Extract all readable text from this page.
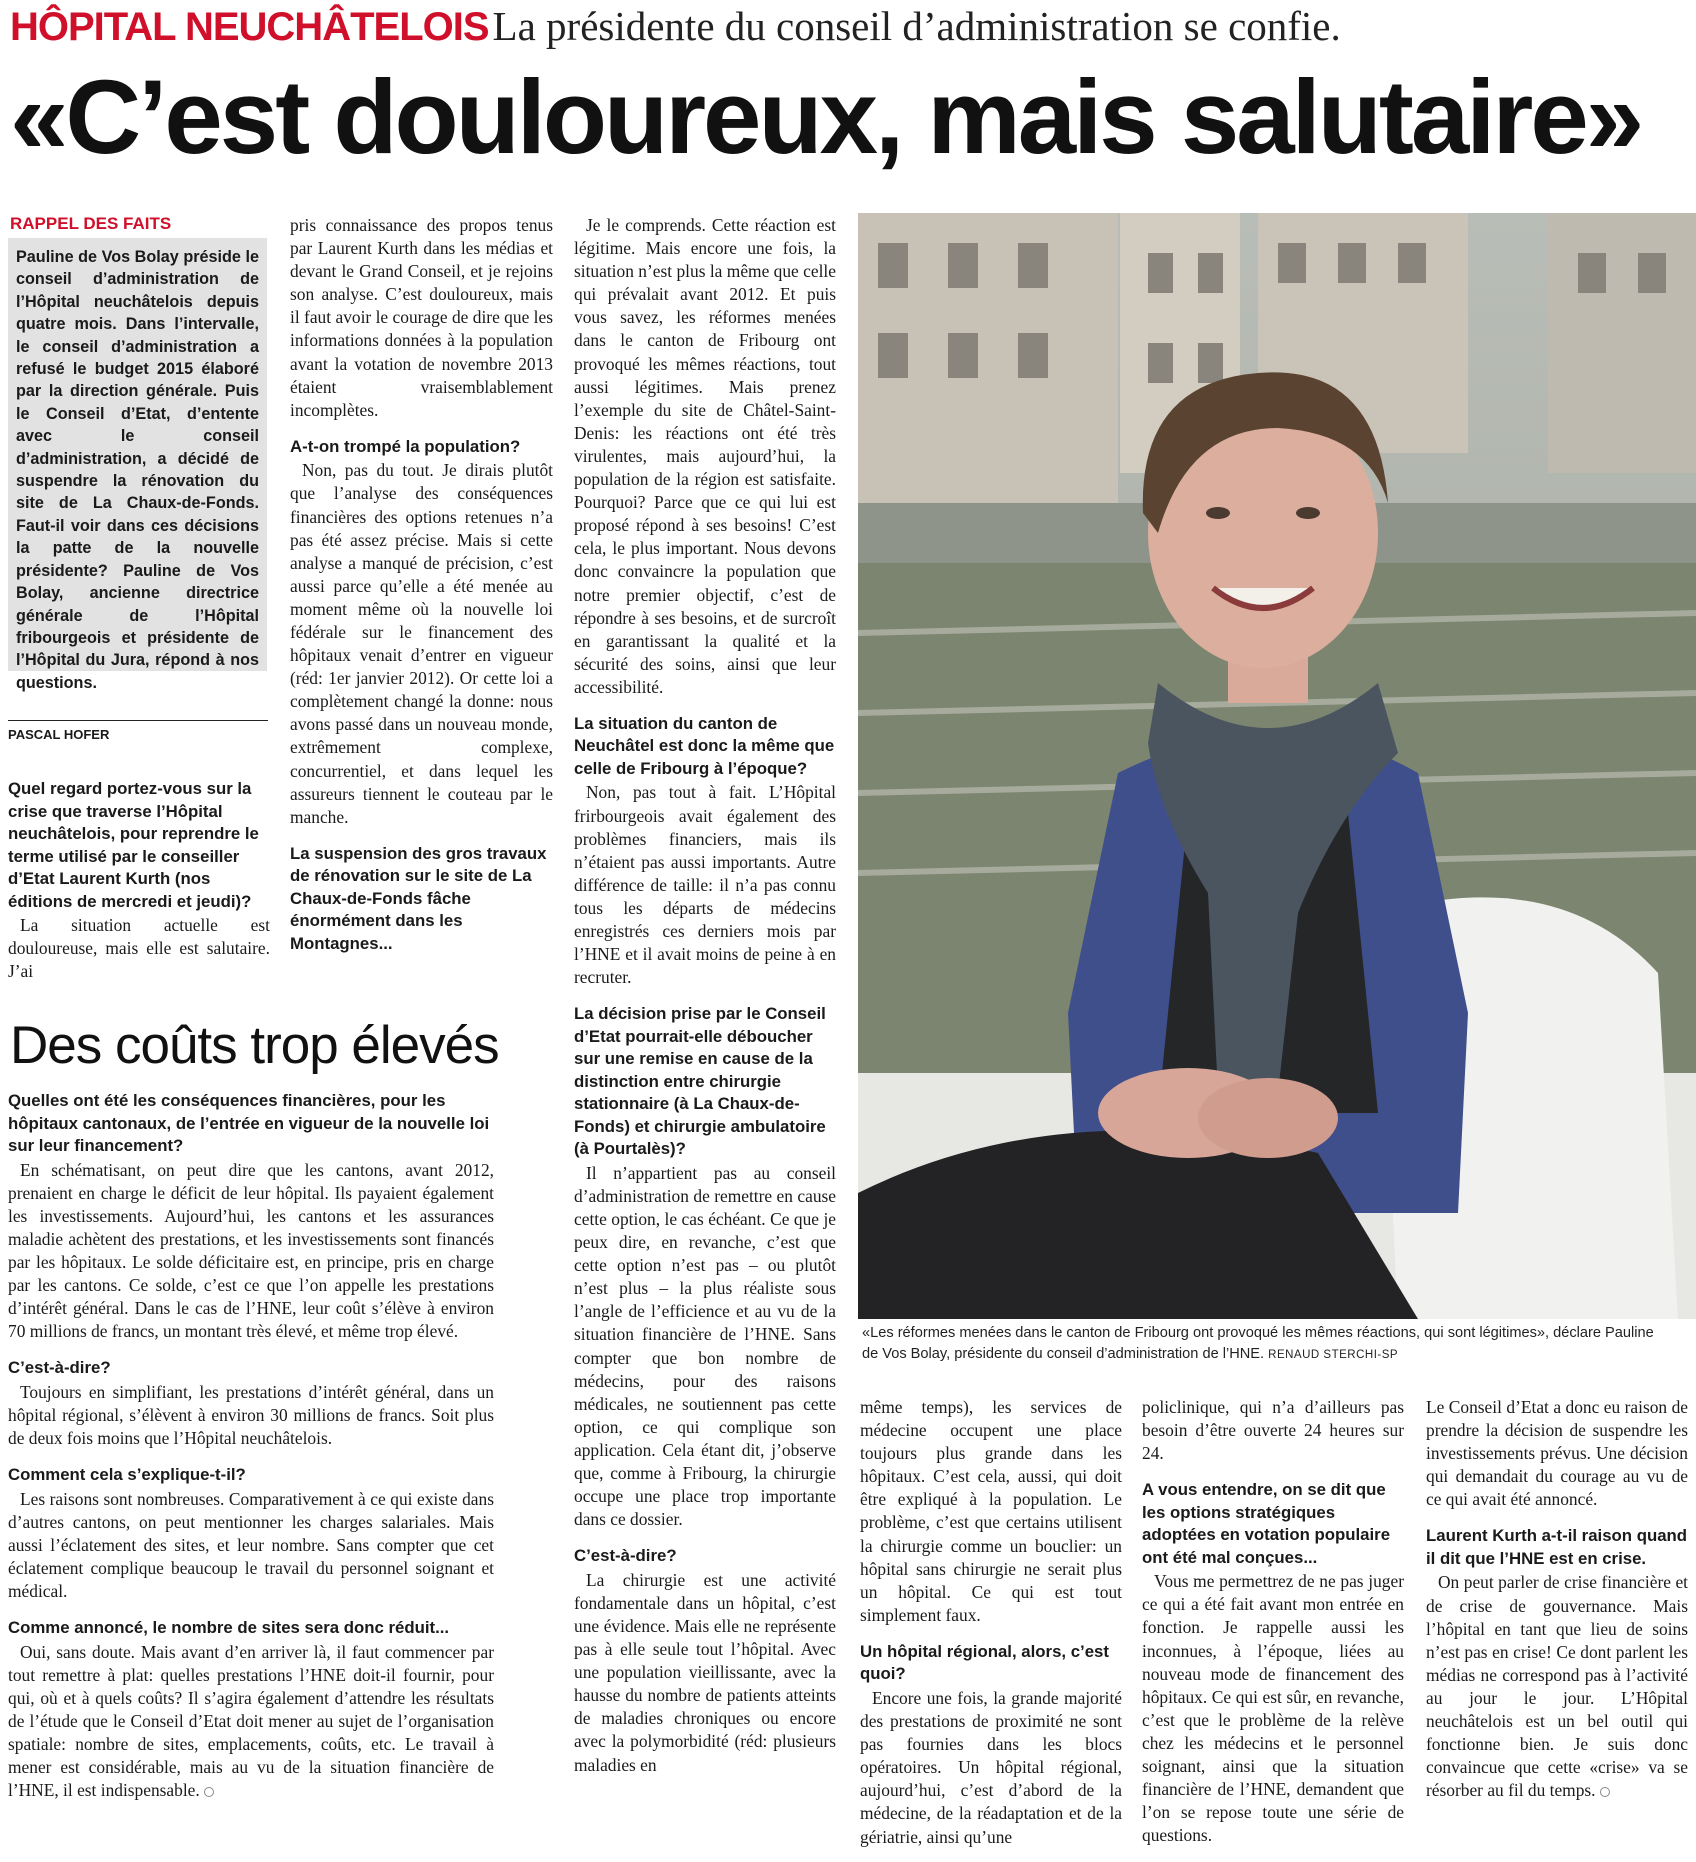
HÔPITAL NEUCHÂTELOIS La présidente du conseil d’administration se confie.
«C’est douloureux, mais salutaire»
RAPPEL DES FAITS
Pauline de Vos Bolay préside le conseil d’administration de l’Hôpital neuchâtelois depuis quatre mois. Dans l’intervalle, le conseil d’administration a refusé le budget 2015 élaboré par la direction générale. Puis le Conseil d’Etat, d’entente avec le conseil d’administration, a décidé de suspendre la rénovation du site de La Chaux-de-Fonds. Faut-il voir dans ces décisions la patte de la nouvelle présidente? Pauline de Vos Bolay, ancienne directrice générale de l’Hôpital fribourgeois et présidente de l’Hôpital du Jura, répond à nos questions.
PASCAL HOFER

Quel regard portez-vous sur la crise que traverse l’Hôpital neuchâtelois, pour reprendre le terme utilisé par le conseiller d’Etat Laurent Kurth (nos éditions de mercredi et jeudi)?

La situation actuelle est douloureuse, mais elle est salutaire. J’ai

pris connaissance des propos tenus par Laurent Kurth dans les médias et devant le Grand Conseil, et je rejoins son analyse. C’est douloureux, mais il faut avoir le courage de dire que les informations données à la population avant la votation de novembre 2013 étaient vraisemblablement incomplètes.

A-t-on trompé la population?

Non, pas du tout. Je dirais plutôt que l’analyse des conséquences financières des options retenues n’a pas été assez précise. Mais si cette analyse a manqué de précision, c’est aussi parce qu’elle a été menée au moment même où la nouvelle loi fédérale sur le financement des hôpitaux venait d’entrer en vigueur (réd: 1er janvier 2012). Or cette loi a complètement changé la donne: nous avons passé dans un nouveau monde, extrêmement complexe, concurrentiel, et dans lequel les assureurs tiennent le couteau par le manche.

La suspension des gros travaux de rénovation sur le site de La Chaux-de-Fonds fâche énormément dans les Montagnes...

Je le comprends. Cette réaction est légitime. Mais encore une fois, la situation n’est plus la même que celle qui prévalait avant 2012. Et puis vous savez, les réformes menées dans le canton de Fribourg ont provoqué les mêmes réactions, tout aussi légitimes. Mais prenez l’exemple du site de Châtel-Saint-Denis: les réactions ont été très virulentes, mais aujourd’hui, la population de la région est satisfaite. Pourquoi? Parce que ce qui lui est proposé répond à ses besoins! C’est cela, le plus important. Nous devons donc convaincre la population que notre premier objectif, c’est de répondre à ses besoins, et de surcroît en garantissant la qualité et la sécurité des soins, ainsi que leur accessibilité.

La situation du canton de Neuchâtel est donc la même que celle de Fribourg à l’époque?

Non, pas tout à fait. L’Hôpital frirbourgeois avait également des problèmes financiers, mais ils n’étaient pas aussi importants. Autre différence de taille: il n’a pas connu tous les départs de médecins enregistrés ces derniers mois par l’HNE et il avait moins de peine à en recruter.

La décision prise par le Conseil d’Etat pourrait-elle déboucher sur une remise en cause de la distinction entre chirurgie stationnaire (à La Chaux-de-Fonds) et chirurgie ambulatoire (à Pourtalès)?

Il n’appartient pas au conseil d’administration de remettre en cause cette option, le cas échéant. Ce que je peux dire, en revanche, c’est que cette option n’est pas – ou plutôt n’est plus – la plus réaliste sous l’angle de l’efficience et au vu de la situation financière de l’HNE. Sans compter que bon nombre de médecins, pour des raisons médicales, ne soutiennent pas cette option, ce qui complique son application. Cela étant dit, j’observe que, comme à Fribourg, la chirurgie occupe une place trop importante dans ce dossier.

C’est-à-dire?

La chirurgie est une activité fondamentale dans un hôpital, c’est une évidence. Mais elle ne représente pas à elle seule tout l’hôpital. Avec une population vieillissante, avec la hausse du nombre de patients atteints de maladies chroniques ou encore avec la polymorbidité (réd: plusieurs maladies en

Des coûts trop élevés

Quelles ont été les conséquences financières, pour les hôpitaux cantonaux, de l’entrée en vigueur de la nouvelle loi sur leur financement?

En schématisant, on peut dire que les cantons, avant 2012, prenaient en charge le déficit de leur hôpital. Ils payaient également les investissements. Aujourd’hui, les cantons et les assurances maladie achètent des prestations, et les investissements sont financés par les hôpitaux. Le solde déficitaire est, en principe, pris en charge par les cantons. Ce solde, c’est ce que l’on appelle les prestations d’intérêt général. Dans le cas de l’HNE, leur coût s’élève à environ 70 millions de francs, un montant très élevé, et même trop élevé.

C’est-à-dire?

Toujours en simplifiant, les prestations d’intérêt général, dans un hôpital régional, s’élèvent à environ 30 millions de francs. Soit plus de deux fois moins que l’Hôpital neuchâtelois.

Comment cela s’explique-t-il?

Les raisons sont nombreuses. Comparativement à ce qui existe dans d’autres cantons, on peut mentionner les charges salariales. Mais aussi l’éclatement des sites, et leur nombre. Sans compter que cet éclatement complique beaucoup le travail du personnel soignant et médical.

Comme annoncé, le nombre de sites sera donc réduit...

Oui, sans doute. Mais avant d’en arriver là, il faut commencer par tout remettre à plat: quelles prestations l’HNE doit-il fournir, pour qui, où et à quels coûts? Il s’agira également d’attendre les résultats de l’étude que le Conseil d’Etat doit mener au sujet de l’organisation spatiale: nombre de sites, emplacements, coûts, etc. Le travail à mener est considérable, mais au vu de la situation financière de l’HNE, il est indispensable.

«Les réformes menées dans le canton de Fribourg ont provoqué les mêmes réactions, qui sont légitimes», déclare Pauline de Vos Bolay, présidente du conseil d’administration de l’HNE. RENAUD STERCHI-SP

même temps), les services de médecine occupent une place toujours plus grande dans les hôpitaux. C’est cela, aussi, qui doit être expliqué à la population. Le problème, c’est que certains utilisent la chirurgie comme un bouclier: un hôpital sans chirurgie ne serait plus un hôpital. Ce qui est tout simplement faux.

Un hôpital régional, alors, c’est quoi?

Encore une fois, la grande majorité des prestations de proximité ne sont pas fournies dans les blocs opératoires. Un hôpital régional, aujourd’hui, c’est d’abord de la médecine, de la réadaptation et de la gériatrie, ainsi qu’une

policlinique, qui n’a d’ailleurs pas besoin d’être ouverte 24 heures sur 24.

A vous entendre, on se dit que les options stratégiques adoptées en votation populaire ont été mal conçues...

Vous me permettrez de ne pas juger ce qui a été fait avant mon entrée en fonction. Je rappelle aussi les inconnues, à l’époque, liées au nouveau mode de financement des hôpitaux. Ce qui est sûr, en revanche, c’est que le problème de la relève chez les médecins et le personnel soignant, ainsi que la situation financière de l’HNE, demandent que l’on se repose toute une série de questions.

Le Conseil d’Etat a donc eu raison de prendre la décision de suspendre les investissements prévus. Une décision qui demandait du courage au vu de ce qui avait été annoncé.

Laurent Kurth a-t-il raison quand il dit que l’HNE est en crise.

On peut parler de crise financière et de crise de gouvernance. Mais l’hôpital en tant que lieu de soins n’est pas en crise! Ce dont parlent les médias ne correspond pas à l’activité au jour le jour. L’Hôpital neuchâtelois est un bel outil qui fonctionne bien. Je suis donc convaincue que cette «crise» va se résorber au fil du temps.
